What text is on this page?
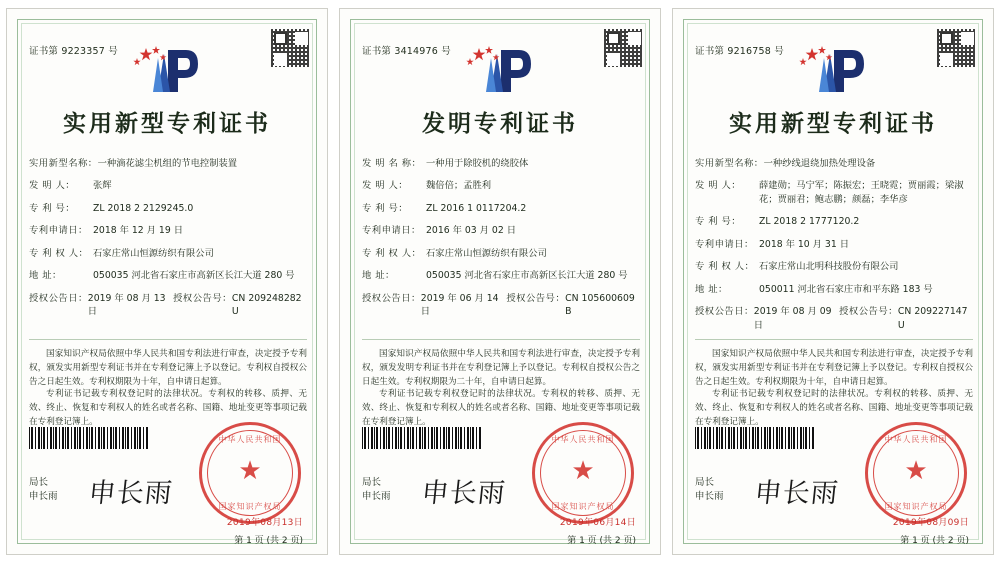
证书第 9223357 号
实用新型专利证书
实用新型名称： 一种滴花滤尘机组的节电控制装置
发 明 人：	张辉
专 利 号：	ZL 2018 2 2129245.0
专利申请日： 2018 年 12 月 19 日
专 利 权 人： 石家庄常山恒源纺织有限公司
地 址：	050035 河北省石家庄市高新区长江大道 280 号
授权公告日： 2019 年 08 月 13 日
授权公告号： CN 209248282 U
国家知识产权局依照中华人民共和国专利法进行审查，决定授予专利权，颁发实用新型专利证书并在专利登记簿上予以登记。专利权自授权公告之日起生效。专利权期限为十年，自申请日起算。
专利证书记载专利权登记时的法律状况。专利权的转移、质押、无效、终止、恢复和专利权人的姓名或者名称、国籍、地址变更等事项记载在专利登记簿上。
局长
申长雨 申长雨
中华人民共和国
★
国家知识产权局
2019年08月13日
第 1 页 (共 2 页)
证书第 3414976 号
发明专利证书
发 明 名 称： 一种用于除胶机的绕胶体
发 明 人：	魏倍倍；孟胜利
专 利 号：	ZL 2016 1 0117204.2
专利申请日： 2016 年 03 月 02 日
专 利 权 人： 石家庄常山恒源纺织有限公司
地 址：	050035 河北省石家庄市高新区长江大道 280 号
授权公告日： 2019 年 06 月 14 日
授权公告号： CN 105600609 B
国家知识产权局依照中华人民共和国专利法进行审查，决定授予专利权，颁发发明专利证书并在专利登记簿上予以登记。专利权自授权公告之日起生效。专利权期限为二十年，自申请日起算。
专利证书记载专利权登记时的法律状况。专利权的转移、质押、无效、终止、恢复和专利权人的姓名或者名称、国籍、地址变更等事项记载在专利登记簿上。
局长
申长雨 申长雨
中华人民共和国
★
国家知识产权局
2019年06月14日
第 1 页 (共 2 页)
证书第 9216758 号
实用新型专利证书
实用新型名称： 一种纱线退绕加热处理设备
发 明 人：	薛建勋；马宁军；陈振宏；王晓霓；贾丽霞；梁淑花；贾丽君；鲍志鹏；颜磊；李华彦
专 利 号：	ZL 2018 2 1777120.2
专利申请日： 2018 年 10 月 31 日
专 利 权 人： 石家庄常山北明科技股份有限公司
地 址：	050011 河北省石家庄市和平东路 183 号
授权公告日： 2019 年 08 月 09 日
授权公告号： CN 209227147 U
国家知识产权局依照中华人民共和国专利法进行审查，决定授予专利权，颁发实用新型专利证书并在专利登记簿上予以登记。专利权自授权公告之日起生效。专利权期限为十年，自申请日起算。
专利证书记载专利权登记时的法律状况。专利权的转移、质押、无效、终止、恢复和专利权人的姓名或者名称、国籍、地址变更等事项记载在专利登记簿上。
局长
申长雨 申长雨
中华人民共和国
★
国家知识产权局
2019年08月09日
第 1 页 (共 2 页)
